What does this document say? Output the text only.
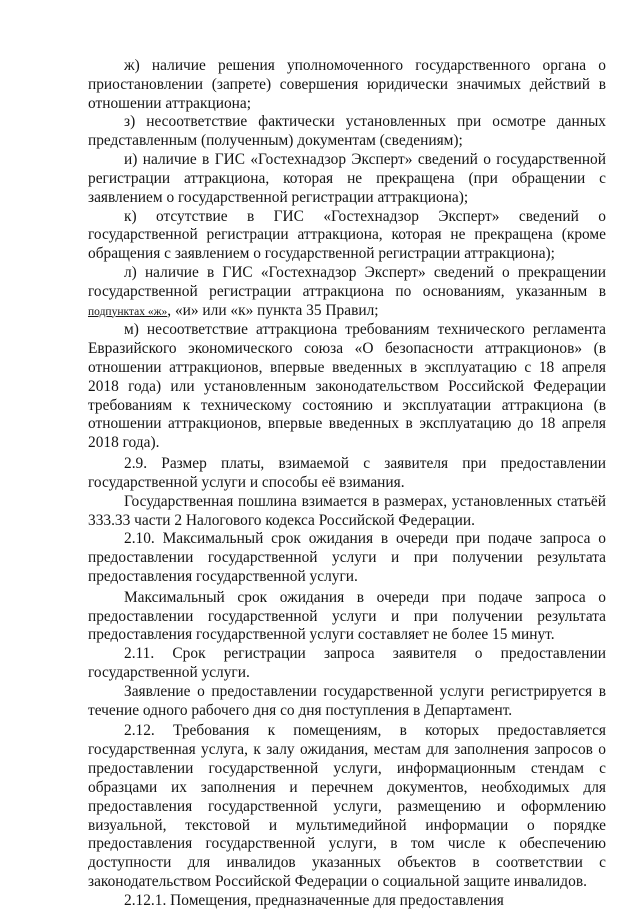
ж) наличие решения уполномоченного государственного органа о приостановлении (запрете) совершения юридически значимых действий в отношении аттракциона;

з) несоответствие фактически установленных при осмотре данных представленным (полученным) документам (сведениям);

и) наличие в ГИС «Гостехнадзор Эксперт» сведений о государственной регистрации аттракциона, которая не прекращена (при обращении с заявлением о государственной регистрации аттракциона);

к) отсутствие в ГИС «Гостехнадзор Эксперт» сведений о государственной регистрации аттракциона, которая не прекращена (кроме обращения с заявлением о государственной регистрации аттракциона);

л) наличие в ГИС «Гостехнадзор Эксперт» сведений о прекращении государственной регистрации аттракциона по основаниям, указанным в подпунктах «ж», «и» или «к» пункта 35 Правил;

м) несоответствие аттракциона требованиям технического регламента Евразийского экономического союза «О безопасности аттракционов» (в отношении аттракционов, впервые введенных в эксплуатацию с 18 апреля 2018 года) или установленным законодательством Российской Федерации требованиям к техническому состоянию и эксплуатации аттракциона (в отношении аттракционов, впервые введенных в эксплуатацию до 18 апреля 2018 года).

2.9. Размер платы, взимаемой с заявителя при предоставлении государственной услуги и способы её взимания.

Государственная пошлина взимается в размерах, установленных статьёй 333.33 части 2 Налогового кодекса Российской Федерации.

2.10. Максимальный срок ожидания в очереди при подаче запроса о предоставлении государственной услуги и при получении результата предоставления государственной услуги.

Максимальный срок ожидания в очереди при подаче запроса о предоставлении государственной услуги и при получении результата предоставления государственной услуги составляет не более 15 минут.

2.11. Срок регистрации запроса заявителя о предоставлении государственной услуги.

Заявление о предоставлении государственной услуги регистрируется в течение одного рабочего дня со дня поступления в Департамент.

2.12. Требования к помещениям, в которых предоставляется государственная услуга, к залу ожидания, местам для заполнения запросов о предоставлении государственной услуги, информационным стендам с образцами их заполнения и перечнем документов, необходимых для предоставления государственной услуги, размещению и оформлению визуальной, текстовой и мультимедийной информации о порядке предоставления государственной услуги, в том числе к обеспечению доступности для инвалидов указанных объектов в соответствии с законодательством Российской Федерации о социальной защите инвалидов.

2.12.1. Помещения, предназначенные для предоставления
